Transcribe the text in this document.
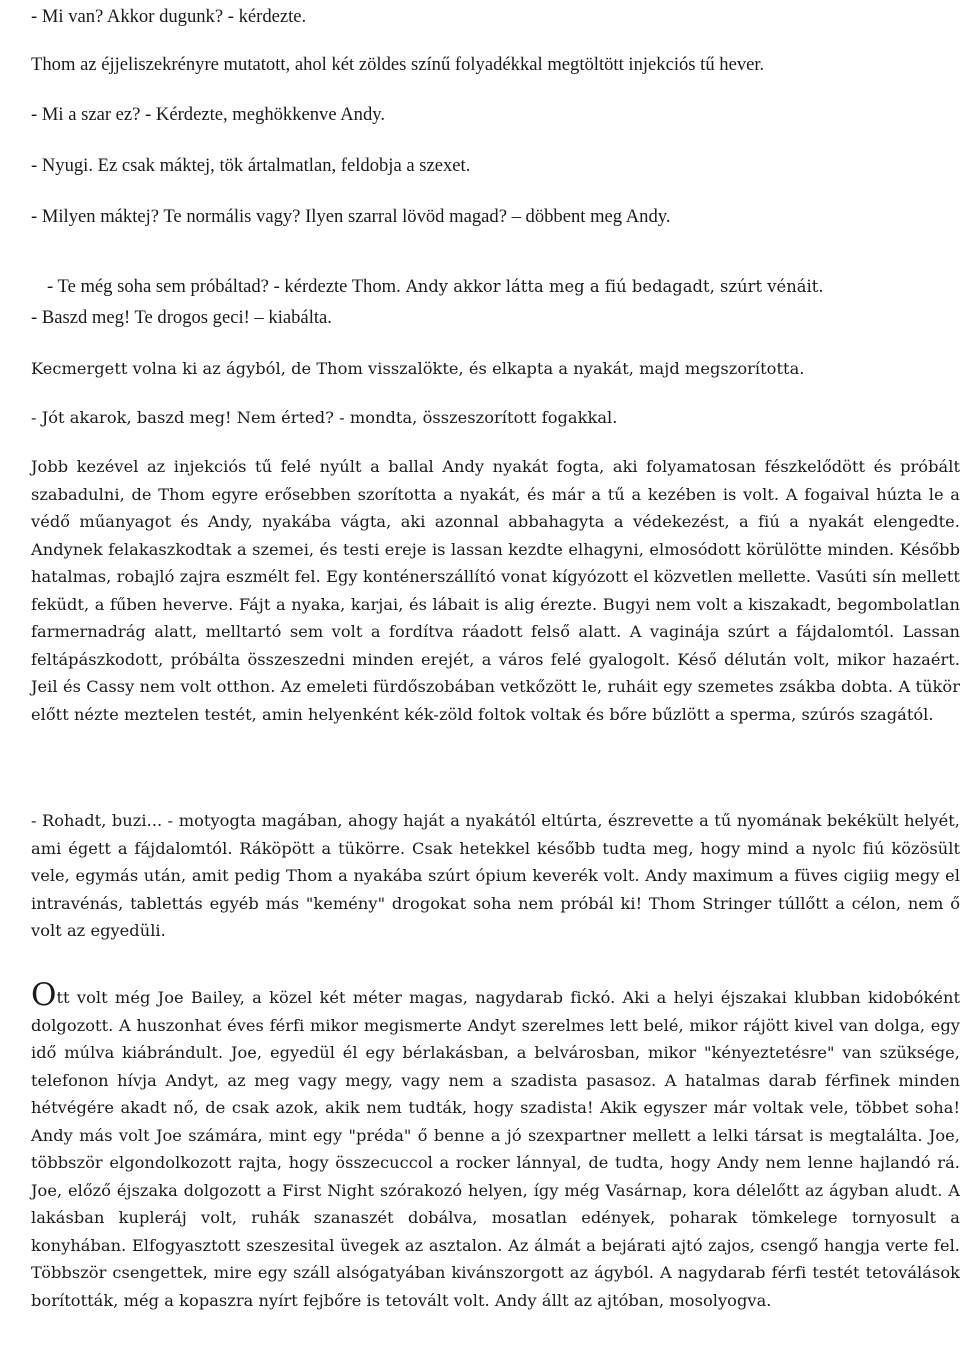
- Mi van? Akkor dugunk? - kérdezte.
Thom az éjjeliszekrényre mutatott, ahol két zöldes színű folyadékkal megtöltött injekciós tű hever.
- Mi a szar ez? - Kérdezte, meghökkenve Andy.
- Nyugi. Ez csak máktej, tök ártalmatlan, feldobja a szexet.
- Milyen máktej? Te normális vagy? Ilyen szarral lövöd magad? – döbbent meg Andy.

- Te még soha sem próbáltad? - kérdezte Thom. Andy akkor látta meg a fiú bedagadt, szúrt vénáit.

- Baszd meg! Te drogos geci! – kiabálta.
Kecmergett volna ki az ágyból, de Thom visszalökte, és elkapta a nyakát, majd megszorította.
- Jót akarok, baszd meg! Nem érted? - mondta, összeszorított fogakkal.

Jobb kezével az injekciós tű felé nyúlt a ballal Andy nyakát fogta, aki folyamatosan fészkelődött és próbált szabadulni, de Thom egyre erősebben szorította a nyakát, és már a tű a kezében is volt. A fogaival húzta le a védő műanyagot és Andy, nyakába vágta, aki azonnal abbahagyta a védekezést, a fiú a nyakát elengedte. Andynek felakaszkodtak a szemei, és testi ereje is lassan kezdte elhagyni, elmosódott körülötte minden. Később hatalmas, robajló zajra eszmélt fel. Egy konténerszállító vonat kígyózott el közvetlen mellette. Vasúti sín mellett feküdt, a fűben heverve. Fájt a nyaka, karjai, és lábait is alig érezte. Bugyi nem volt a kiszakadt, begombolatlan farmernadrág alatt, melltartó sem volt a fordítva ráadott felső alatt. A vaginája szúrt a fájdalomtól. Lassan feltápászkodott, próbálta összeszedni minden erejét, a város felé gyalogolt. Késő délután volt, mikor hazaért. Jeil és Cassy nem volt otthon. Az emeleti fürdőszobában vetkőzött le, ruháit egy szemetes zsákba dobta. A tükör előtt nézte meztelen testét, amin helyenként kék-zöld foltok voltak és bőre bűzlött a sperma, szúrós szagától.

- Rohadt, buzi... - motyogta magában, ahogy haját a nyakától eltúrta, észrevette a tű nyomának bekékült helyét, ami égett a fájdalomtól. Ráköpött a tükörre. Csak hetekkel később tudta meg, hogy mind a nyolc fiú közösült vele, egymás után, amit pedig Thom a nyakába szúrt ópium keverék volt. Andy maximum a füves cigiig megy el intravénás, tablettás egyéb más "kemény" drogokat soha nem próbál ki! Thom Stringer túllőtt a célon, nem ő volt az egyedüli.

Ott volt még Joe Bailey, a közel két méter magas, nagydarab fickó. Aki a helyi éjszakai klubban kidobóként dolgozott. A huszonhat éves férfi mikor megismerte Andyt szerelmes lett belé, mikor rájött kivel van dolga, egy idő múlva kiábrándult. Joe, egyedül él egy bérlakásban, a belvárosban, mikor "kényeztetésre" van szüksége, telefonon hívja Andyt, az meg vagy megy, vagy nem a szadista pasasoz. A hatalmas darab férfinek minden hétvégére akadt nő, de csak azok, akik nem tudták, hogy szadista! Akik egyszer már voltak vele, többet soha! Andy más volt Joe számára, mint egy "préda" ő benne a jó szexpartner mellett a lelki társat is megtalálta. Joe, többször elgondolkozott rajta, hogy összecuccol a rocker lánnyal, de tudta, hogy Andy nem lenne hajlandó rá. Joe, előző éjszaka dolgozott a First Night szórakozó helyen, így még Vasárnap, kora délelőtt az ágyban aludt. A lakásban kupleráj volt, ruhák szanaszét dobálva, mosatlan edények, poharak tömkelege tornyosult a konyhában. Elfogyasztott szeszesital üvegek az asztalon. Az álmát a bejárati ajtó zajos, csengő hangja verte fel. Többször csengettek, mire egy száll alsógatyában kivánszorgott az ágyból. A nagydarab férfi testét tetoválások borították, még a kopaszra nyírt fejbőre is tetovált volt. Andy állt az ajtóban, mosolyogva.
